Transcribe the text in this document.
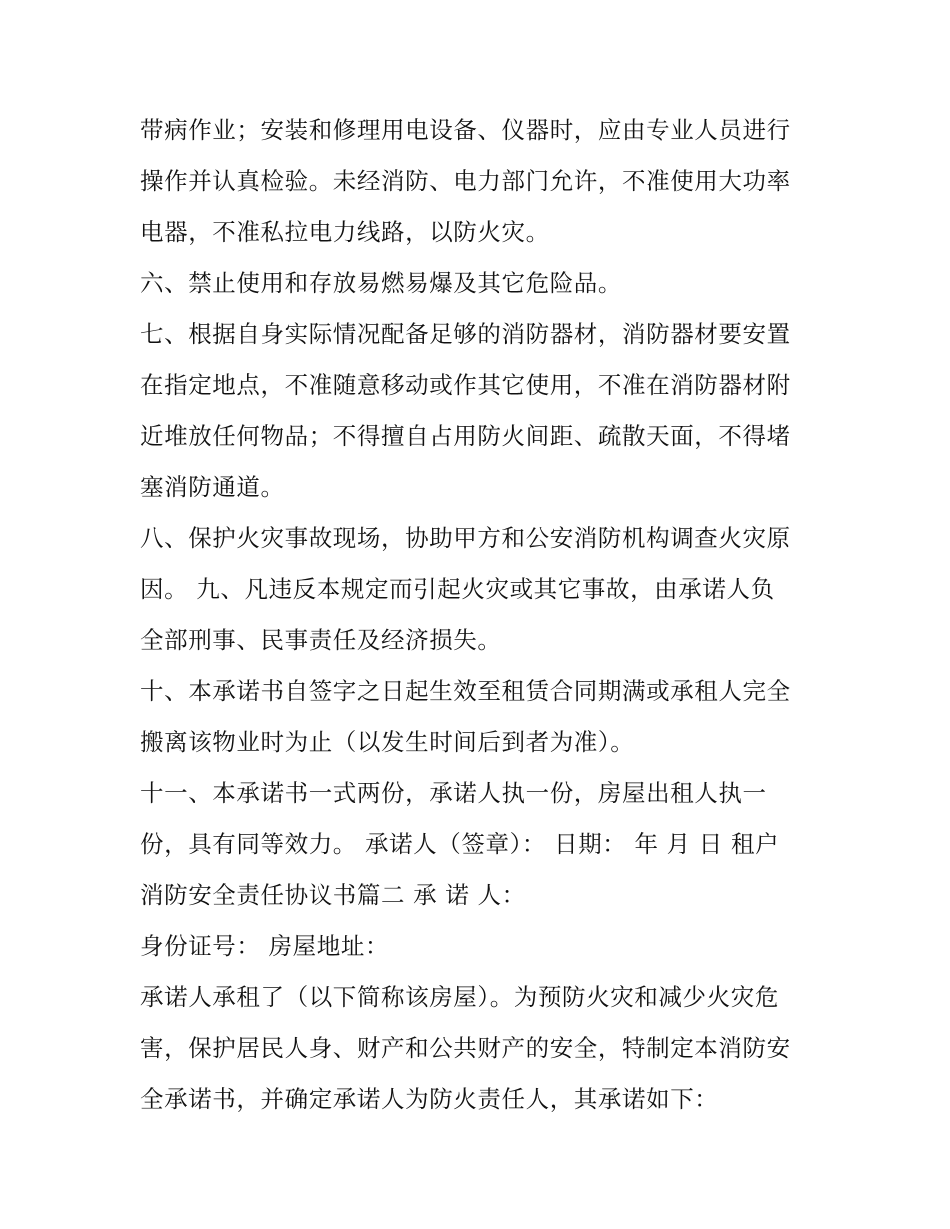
带病作业；安装和修理用电设备、仪器时，应由专业人员进行
操作并认真检验。未经消防、电力部门允许，不准使用大功率
电器，不准私拉电力线路，以防火灾。
六、禁止使用和存放易燃易爆及其它危险品。
七、根据自身实际情况配备足够的消防器材，消防器材要安置
在指定地点，不准随意移动或作其它使用，不准在消防器材附
近堆放任何物品；不得擅自占用防火间距、疏散天面，不得堵
塞消防通道。
八、保护火灾事故现场，协助甲方和公安消防机构调查火灾原
因。 九、凡违反本规定而引起火灾或其它事故，由承诺人负
全部刑事、民事责任及经济损失。
十、本承诺书自签字之日起生效至租赁合同期满或承租人完全
搬离该物业时为止（以发生时间后到者为准）。
十一、本承诺书一式两份，承诺人执一份，房屋出租人执一
份，具有同等效力。 承诺人（签章）： 日期： 年 月 日 租户
消防安全责任协议书篇二 承 诺 人：
身份证号： 房屋地址：
承诺人承租了（以下简称该房屋）。为预防火灾和减少火灾危
害，保护居民人身、财产和公共财产的安全，特制定本消防安
全承诺书，并确定承诺人为防火责任人，其承诺如下：
